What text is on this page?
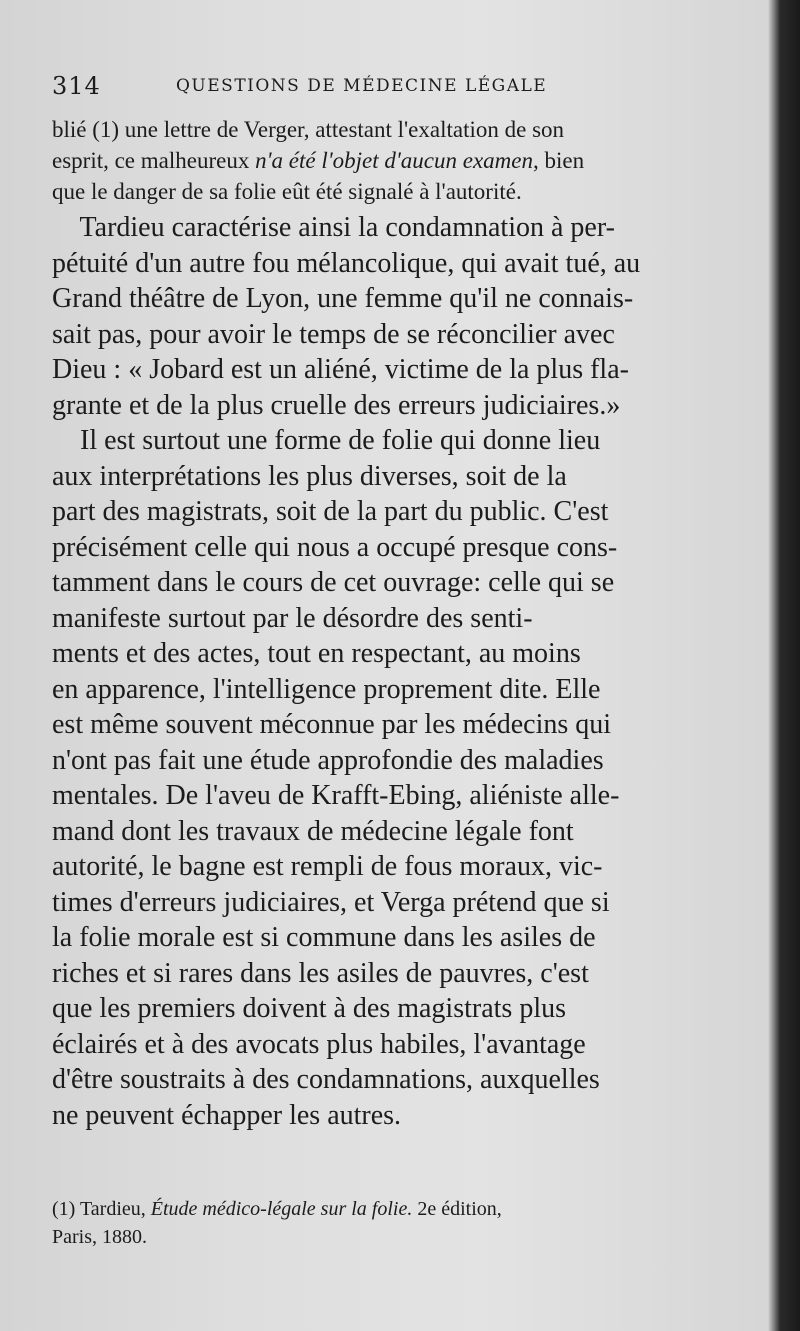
314	QUESTIONS DE MÉDECINE LÉGALE
blié (1) une lettre de Verger, attestant l'exaltation de son
esprit, ce malheureux n'a été l'objet d'aucun examen, bien
que le danger de sa folie eût été signalé à l'autorité.
Tardieu caractérise ainsi la condamnation à per-
pétuité d'un autre fou mélancolique, qui avait tué, au
Grand théâtre de Lyon, une femme qu'il ne connais-
sait pas, pour avoir le temps de se réconcilier avec
Dieu : « Jobard est un aliéné, victime de la plus fla-
grante et de la plus cruelle des erreurs judiciaires.»
Il est surtout une forme de folie qui donne lieu
aux interprétations les plus diverses, soit de la
part des magistrats, soit de la part du public. C'est
précisément celle qui nous a occupé presque cons-
tamment dans le cours de cet ouvrage: celle qui se
manifeste surtout par le désordre des senti-
ments et des actes, tout en respectant, au moins
en apparence, l'intelligence proprement dite. Elle
est même souvent méconnue par les médecins qui
n'ont pas fait une étude approfondie des maladies
mentales. De l'aveu de Krafft-Ebing, aliéniste alle-
mand dont les travaux de médecine légale font
autorité, le bagne est rempli de fous moraux, vic-
times d'erreurs judiciaires, et Verga prétend que si
la folie morale est si commune dans les asiles de
riches et si rares dans les asiles de pauvres, c'est
que les premiers doivent à des magistrats plus
éclairés et à des avocats plus habiles, l'avantage
d'être soustraits à des condamnations, auxquelles
ne peuvent échapper les autres.
(1) Tardieu, Étude médico-légale sur la folie. 2e édition,
Paris, 1880.
